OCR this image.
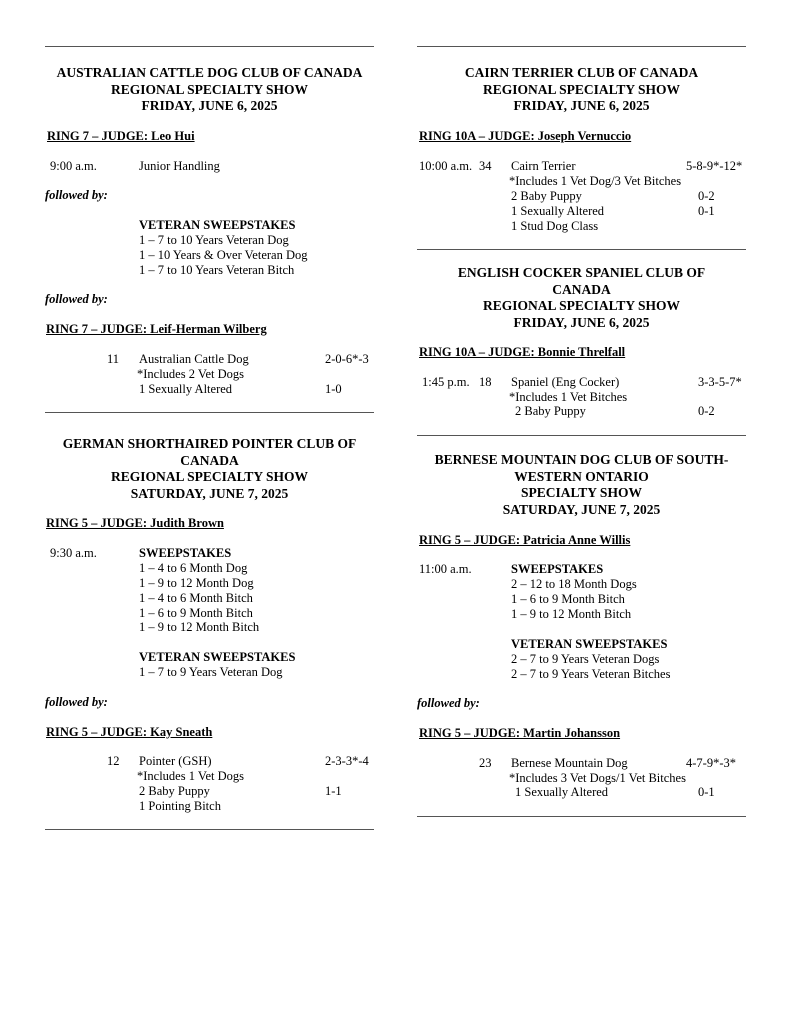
AUSTRALIAN CATTLE DOG CLUB OF CANADA
REGIONAL SPECIALTY SHOW
FRIDAY, JUNE 6, 2025
RING 7 – JUDGE: Leo Hui
9:00 a.m.	Junior Handling
followed by:
VETERAN SWEEPSTAKES
1 – 7 to 10 Years Veteran Dog
1 – 10 Years & Over Veteran Dog
1 – 7 to 10 Years Veteran Bitch
followed by:
RING 7 – JUDGE: Leif-Herman Wilberg
11 Australian Cattle Dog	2-0-6*-3
*Includes 2 Vet Dogs
1 Sexually Altered	1-0
GERMAN SHORTHAIRED POINTER CLUB OF
CANADA
REGIONAL SPECIALTY SHOW
SATURDAY, JUNE 7, 2025
RING 5 – JUDGE: Judith Brown
9:30 a.m.	SWEEPSTAKES
1 – 4 to 6 Month Dog
1 – 9 to 12 Month Dog
1 – 4 to 6 Month Bitch
1 – 6 to 9 Month Bitch
1 – 9 to 12 Month Bitch
VETERAN SWEEPSTAKES
1 – 7 to 9 Years Veteran Dog
followed by:
RING 5 – JUDGE: Kay Sneath
12 Pointer (GSH)	2-3-3*-4
*Includes 1 Vet Dogs
2 Baby Puppy	1-1
1 Pointing Bitch
CAIRN TERRIER CLUB OF CANADA
REGIONAL SPECIALTY SHOW
FRIDAY, JUNE 6, 2025
RING 10A – JUDGE: Joseph Vernuccio
10:00 a.m. 34 Cairn Terrier	5-8-9*-12*
*Includes 1 Vet Dog/3 Vet Bitches
2 Baby Puppy	0-2
1 Sexually Altered	0-1
1 Stud Dog Class
ENGLISH COCKER SPANIEL CLUB OF
CANADA
REGIONAL SPECIALTY SHOW
FRIDAY, JUNE 6, 2025
RING 10A – JUDGE: Bonnie Threlfall
1:45 p.m. 18 Spaniel (Eng Cocker)	3-3-5-7*
*Includes 1 Vet Bitches
2 Baby Puppy	0-2
BERNESE MOUNTAIN DOG CLUB OF SOUTH-
WESTERN ONTARIO
SPECIALTY SHOW
SATURDAY, JUNE 7, 2025
RING 5 – JUDGE: Patricia Anne Willis
11:00 a.m.	SWEEPSTAKES
2 – 12 to 18 Month Dogs
1 – 6 to 9 Month Bitch
1 – 9 to 12 Month Bitch
VETERAN SWEEPSTAKES
2 – 7 to 9 Years Veteran Dogs
2 – 7 to 9 Years Veteran Bitches
followed by:
RING 5 – JUDGE: Martin Johansson
23 Bernese Mountain Dog	4-7-9*-3*
*Includes 3 Vet Dogs/1 Vet Bitches
1 Sexually Altered	0-1
